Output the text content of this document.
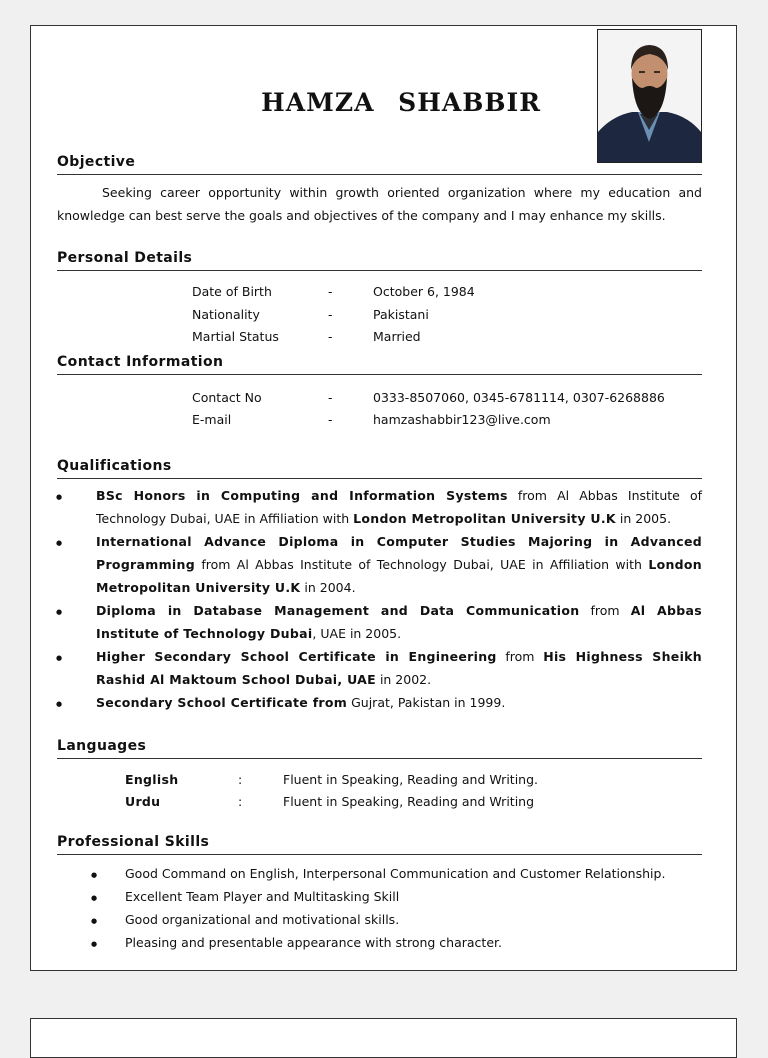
HAMZA SHABBIR
Objective
Seeking career opportunity within growth oriented organization where my education and knowledge can best serve the goals and objectives of the company and I may enhance my skills.
Personal Details
Date of Birth	-	October 6, 1984
Nationality	-	Pakistani
Martial Status	-	Married
Contact Information
Contact No	-	0333-8507060, 0345-6781114, 0307-6268886
E-mail	-	hamzashabbir123@live.com
Qualifications
● BSc Honors in Computing and Information Systems from Al Abbas Institute of Technology Dubai, UAE in Affiliation with London Metropolitan University U.K in 2005.
● International Advance Diploma in Computer Studies Majoring in Advanced Programming from Al Abbas Institute of Technology Dubai, UAE in Affiliation with London Metropolitan University U.K in 2004.
● Diploma in Database Management and Data Communication from Al Abbas Institute of Technology Dubai, UAE in 2005.
● Higher Secondary School Certificate in Engineering from His Highness Sheikh Rashid Al Maktoum School Dubai, UAE in 2002.
● Secondary School Certificate from Gujrat, Pakistan in 1999.
Languages
English	:	Fluent in Speaking, Reading and Writing.
Urdu	:	Fluent in Speaking, Reading and Writing
Professional Skills
● Good Command on English, Interpersonal Communication and Customer Relationship.
● Excellent Team Player and Multitasking Skill
● Good organizational and motivational skills.
● Pleasing and presentable appearance with strong character.
